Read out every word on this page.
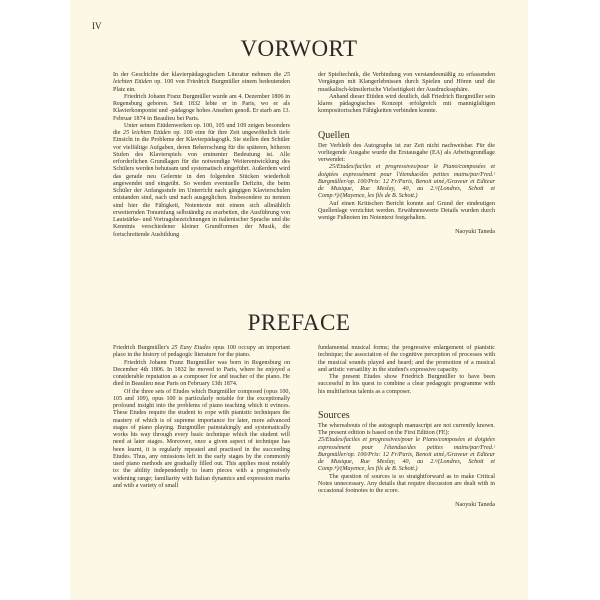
IV
VORWORT

In der Geschichte der klavierpädagogischen Literatur nehmen die 25 leichten Etüden op. 100 von Friedrich Burgmüller einem bedeutenden Platz ein.

Friedrich Johann Franz Burgmüller wurde am 4. Dezember 1806 in Regensburg geboren. Seit 1832 lebte er in Paris, wo er als Klavierkomponist und -pädagoge hohes Ansehen genoß. Er starb am 13. Februar 1874 in Beaulieu bei Paris.

Unter seinen Etüdenwerken op. 100, 105 und 109 zeigen besonders die 25 leichten Etüden op. 100 eine für ihre Zeit ungewöhnlich tiefe Einsicht in die Probleme der Klavierpädagogik. Sie stellen den Schüler vor vielfältige Aufgaben, deren Beherrschung für die späteren, höheren Stufen des Klavierspiels von eminenter Bedeutung ist. Alle erforderlichen Grundlagen für die notwendige Weiterentwicklung des Schülers werden behutsam und systematisch eingeführt. Außerdem wird das gerade neu Gelernte in den folgenden Stücken wiederholt angewendet und eingeübt. So werden eventuelle Defizite, die beim Schüler der Anfangsstufe im Unterricht nach gängigen Klavierschulen entstanden sind, nach und nach ausgeglichen. Insbesondere zu nennen sind hier die Fähigkeit, Notentexte mit einem sich allmählich erweiternden Tonumfang selbständig zu erarbeiten, die Ausführung von Lautstärke- und Vortragsbezeichnungen in italienischer Sprache und die Kenntnis verschiedener kleiner Grundformen der Musik, die fortschreitende Ausbildung

der Spieltechnik, die Verbindung von verstandesmäßig zu erfassenden Vorgängen mit Klangerlebnissen durch Spielen und Hören und die musikalisch-künstlerische Vielseitigkeit der Ausdruckssphäre.

Anhand dieser Etüden wird deutlich, daß Friedrich Burgmüller sein klares pädagogisches Konzept erfolgreich mit mannigfaltigen kompositorischen Fähigkeiten verbinden konnte.

Quellen

Der Verbleib des Autographs ist zur Zeit nicht nachweisbar. Für die vorliegende Ausgabe wurde die Erstausgabe (EA) als Arbeitsgrundlage verwendet:

25/Etudes/faciles et progressives/pour le Piano/composées et doigtées expressément pour l'étendue/des petites mains/par/Fred.ᶜ Burgmüller/op. 100/Prix: 12 Fr/Paris, Benoit ainé,/Graveur et Editeur de Musique, Rue Meslay, 40, au 2.ᵉ/(Londres, Schott et Comp.ᶤᵉ)/(Mayence, les fils de B. Schott.)

Auf einen Kritischen Bericht konnte auf Grund der eindeutigen Quellenlage verzichtet werden. Erwähnenswerte Details wurden durch wenige Fußnoten im Notentext festgehalten.

Naoyuki Taneda

PREFACE

Friedrich Burgmüller's 25 Easy Etudes opus 100 occupy an important place in the history of pedagogic literature for the piano.

Friedrich Johann Franz Burgmüller was born in Regensburg on December 4th 1806. In 1832 he moved to Paris, where he enjoyed a considerable reputation as a composer for and teacher of the piano. He died in Beaulieu near Paris on February 13th 1874.

Of the three sets of Etudes which Burgmüller composed (opus 100, 105 and 109), opus 100 is particularly notable for the exceptionally profound insight into the problems of piano teaching which it evinces. These Etudes require the student to cope with pianistic techniques the mastery of which is of supreme importance for later, more advanced stages of piano playing. Burgmüller painstakingly and systematically works his way through every basic technique which the student will need at later stages. Moreover, once a given aspect of technique has been learnt, it is regularly repeated and practised in the succeeding Etudes. Thus, any omissions left in the early stages by the commonly used piano methods are gradually filled out. This applies most notably to: the ability independently to learn pieces with a progressively widening range; familiarity with Italian dynamics and expression marks and with a variety of small

fundamental musical forms; the progressive enlargement of pianistic technique; the association of the cognitive perception of processes with the musical sounds played and heard; and the promotion of a musical and artistic versatility in the student's expressive capacity.

The present Etudes show Friedrich Burgmüller to have been successful in his quest to combine a clear pedagogic programme with his multifarious talents as a composer.

Sources

The whereabouts of the autograph manuscript are not currently known. The present edition is based on the First Edition (FE):

25/Etudes/faciles et progressives/pour le Piano/composées et doigtées expressément pour l'étendue/des petites mains/par/Fred.ᶜ Burgmüller/op. 100/Prix: 12 Fr/Paris, Benoit ainé,/Graveur et Editeur de Musique, Rue Meslay, 40, au 2.ᵉ/(Londres, Schott et Comp.ᶤᵉ)/(Mayence, les fils de B. Schott.)

The question of sources is so straightforward as to make Critical Notes unnecessary. Any details that require discussion are dealt with in occasional footnotes to the score.

Naoyuki Taneda
